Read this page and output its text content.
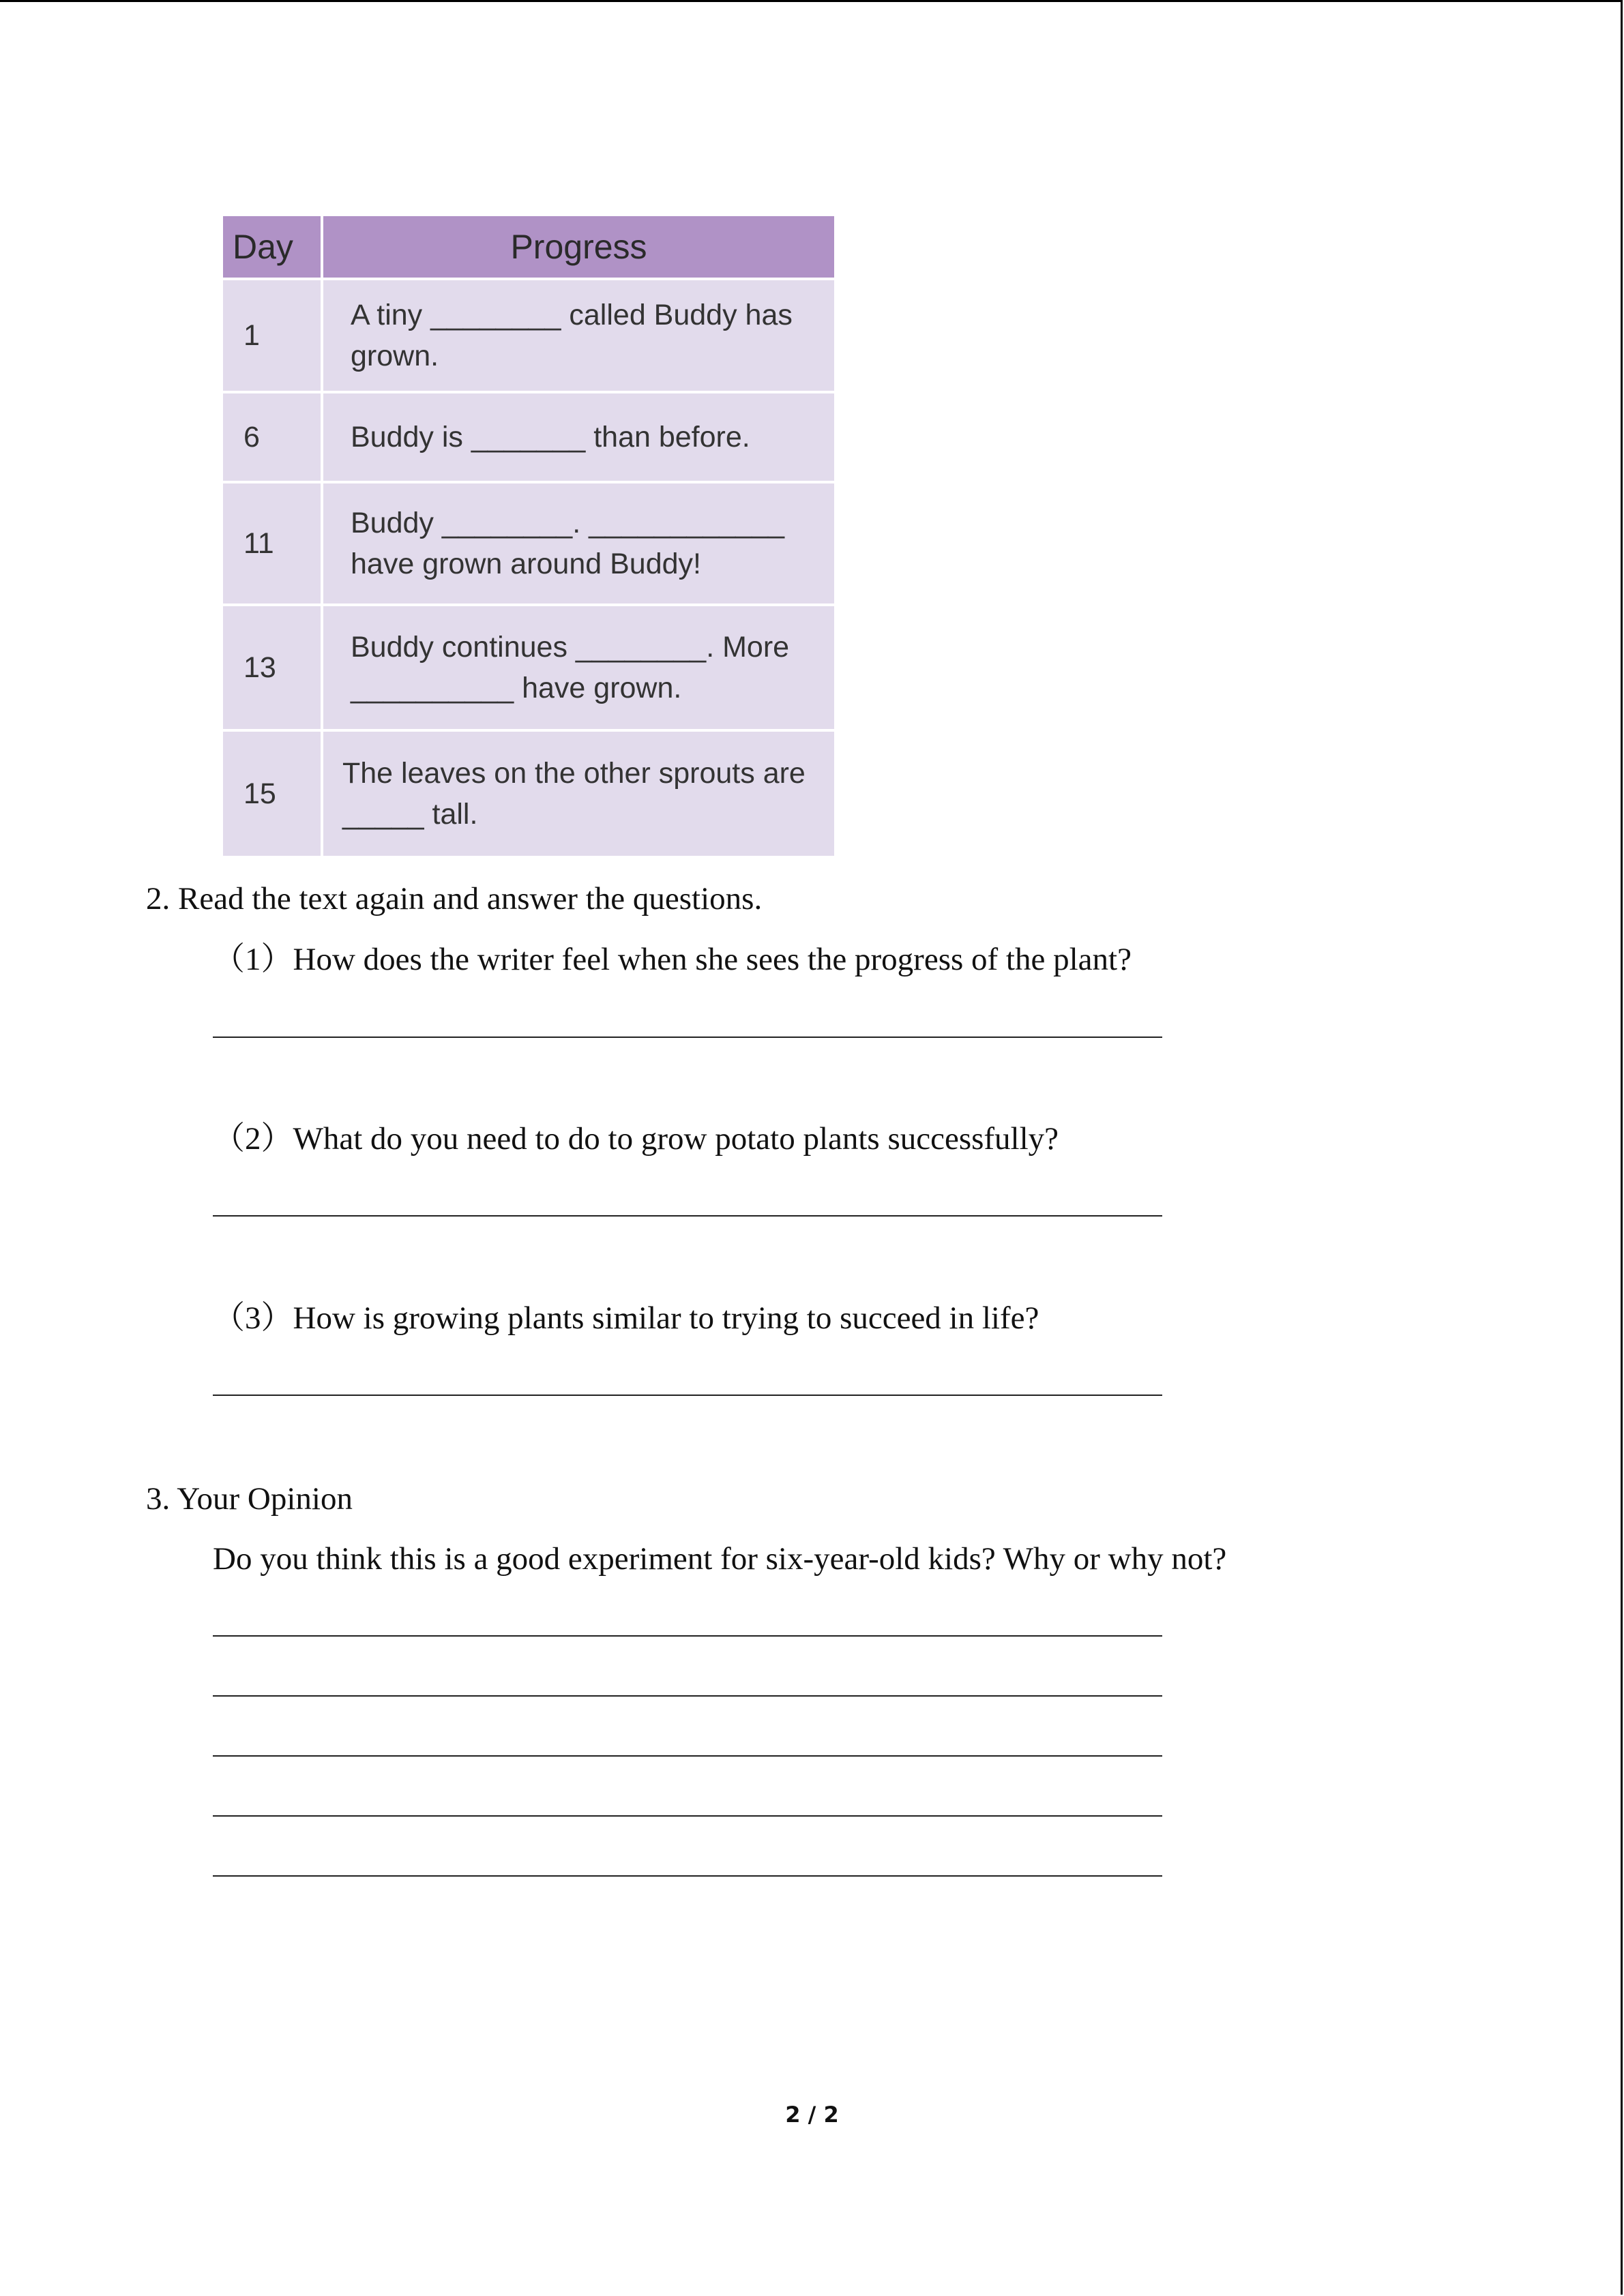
Day	Progress
1	A tiny ________ called Buddy has
grown.

6	Buddy is _______ than before.

11	Buddy ________. ____________
have grown around Buddy!

13	Buddy continues ________. More
__________ have grown.

15	The leaves on the other sprouts are
_____ tall.
2. Read the text again and answer the questions.
（1）How does the writer feel when she sees the progress of the plant?
（2）What do you need to do to grow potato plants successfully?
（3）How is growing plants similar to trying to succeed in life?
3. Your Opinion
Do you think this is a good experiment for six-year-old kids? Why or why not?
2 / 2
